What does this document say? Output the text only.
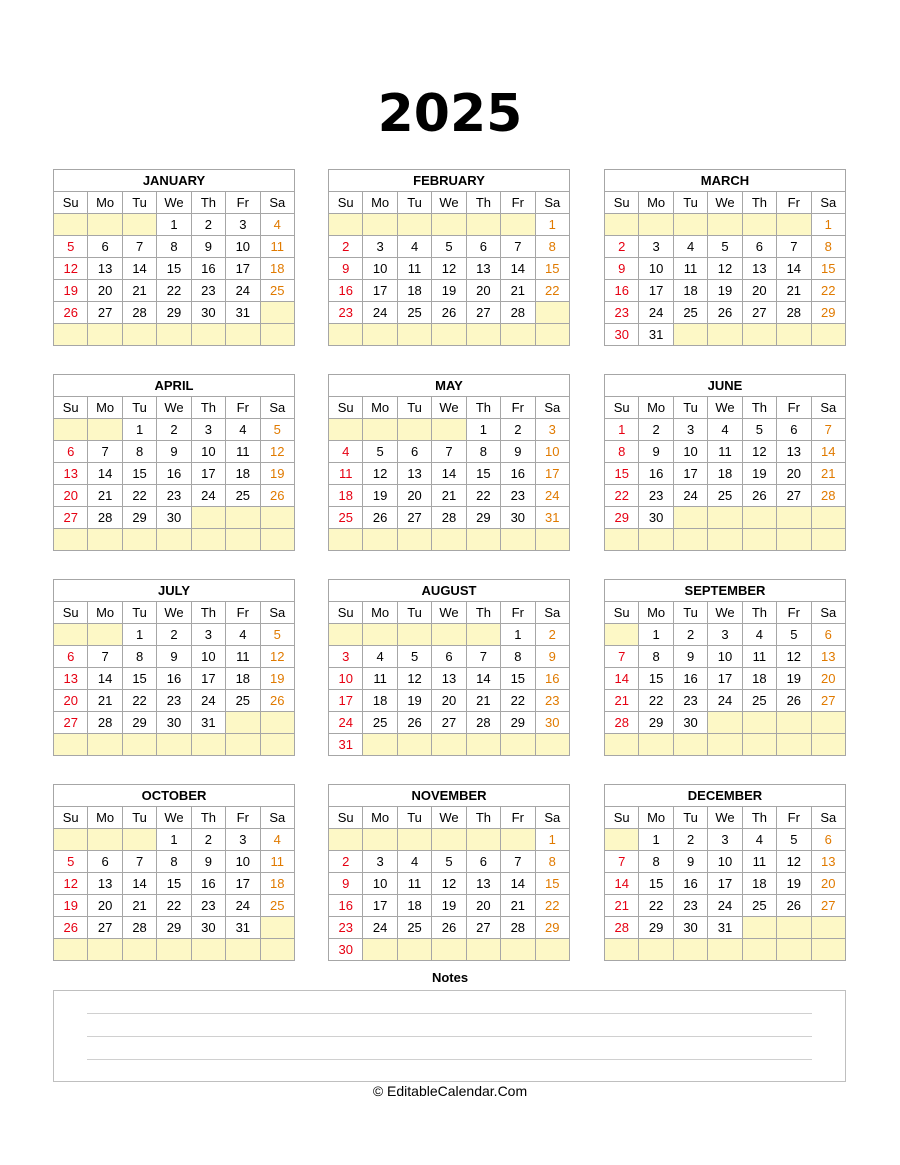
2025
JANUARY						
Su	Mo	Tu	We	Th	Fr	Sa
			1	2	3	4
5	6	7	8	9	10	11
12	13	14	15	16	17	18
19	20	21	22	23	24	25
26	27	28	29	30	31	

FEBRUARY						
Su	Mo	Tu	We	Th	Fr	Sa
						1
2	3	4	5	6	7	8
9	10	11	12	13	14	15
16	17	18	19	20	21	22
23	24	25	26	27	28	

MARCH						
Su	Mo	Tu	We	Th	Fr	Sa
						1
2	3	4	5	6	7	8
9	10	11	12	13	14	15
16	17	18	19	20	21	22
23	24	25	26	27	28	29
30	31					
APRIL						
Su	Mo	Tu	We	Th	Fr	Sa
		1	2	3	4	5
6	7	8	9	10	11	12
13	14	15	16	17	18	19
20	21	22	23	24	25	26
27	28	29	30			

MAY						
Su	Mo	Tu	We	Th	Fr	Sa
				1	2	3
4	5	6	7	8	9	10
11	12	13	14	15	16	17
18	19	20	21	22	23	24
25	26	27	28	29	30	31

JUNE						
Su	Mo	Tu	We	Th	Fr	Sa
1	2	3	4	5	6	7
8	9	10	11	12	13	14
15	16	17	18	19	20	21
22	23	24	25	26	27	28
29	30					

JULY						
Su	Mo	Tu	We	Th	Fr	Sa
		1	2	3	4	5
6	7	8	9	10	11	12
13	14	15	16	17	18	19
20	21	22	23	24	25	26
27	28	29	30	31		

AUGUST						
Su	Mo	Tu	We	Th	Fr	Sa
					1	2
3	4	5	6	7	8	9
10	11	12	13	14	15	16
17	18	19	20	21	22	23
24	25	26	27	28	29	30
31						
SEPTEMBER						
Su	Mo	Tu	We	Th	Fr	Sa
	1	2	3	4	5	6
7	8	9	10	11	12	13
14	15	16	17	18	19	20
21	22	23	24	25	26	27
28	29	30				

OCTOBER						
Su	Mo	Tu	We	Th	Fr	Sa
			1	2	3	4
5	6	7	8	9	10	11
12	13	14	15	16	17	18
19	20	21	22	23	24	25
26	27	28	29	30	31	

NOVEMBER						
Su	Mo	Tu	We	Th	Fr	Sa
						1
2	3	4	5	6	7	8
9	10	11	12	13	14	15
16	17	18	19	20	21	22
23	24	25	26	27	28	29
30						
DECEMBER						
Su	Mo	Tu	We	Th	Fr	Sa
	1	2	3	4	5	6
7	8	9	10	11	12	13
14	15	16	17	18	19	20
21	22	23	24	25	26	27
28	29	30	31			

Notes
© EditableCalendar.Com
